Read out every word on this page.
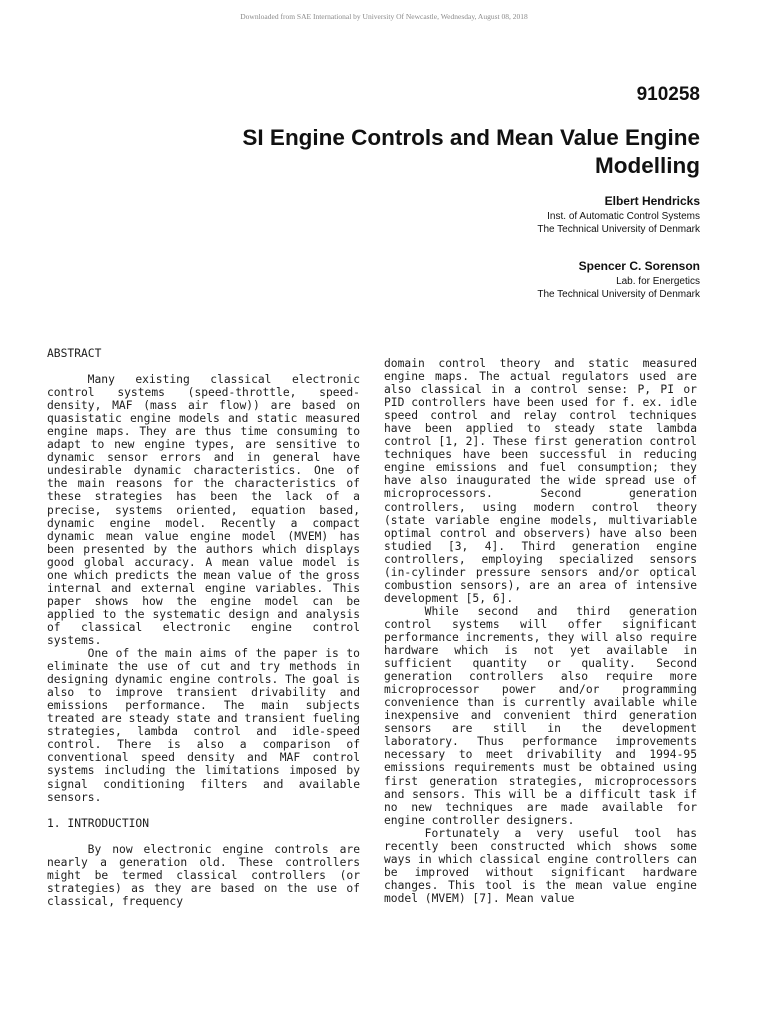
Downloaded from SAE International by University Of Newcastle, Wednesday, August 08, 2018
910258
SI Engine Controls and Mean Value Engine
Modelling
Elbert Hendricks
Inst. of Automatic Control Systems
The Technical University of Denmark
Spencer C. Sorenson
Lab. for Energetics
The Technical University of Denmark
ABSTRACT

Many existing classical electronic control systems (speed-throttle, speed-density, MAF (mass air flow)) are based on quasistatic engine models and static measured engine maps. They are thus time consuming to adapt to new engine types, are sensitive to dynamic sensor errors and in general have undesirable dynamic characteristics. One of the main reasons for the characteristics of these strategies has been the lack of a precise, systems oriented, equation based, dynamic engine model. Recently a compact dynamic mean value engine model (MVEM) has been presented by the authors which displays good global accuracy. A mean value model is one which predicts the mean value of the gross internal and external engine variables. This paper shows how the engine model can be applied to the systematic design and analysis of classical electronic engine control systems.

One of the main aims of the paper is to eliminate the use of cut and try methods in designing dynamic engine controls. The goal is also to improve transient drivability and emissions performance. The main subjects treated are steady state and transient fueling strategies, lambda control and idle-speed control. There is also a comparison of conventional speed density and MAF control systems including the limitations imposed by signal conditioning filters and available sensors.

1. INTRODUCTION

By now electronic engine controls are nearly a generation old. These controllers might be termed classical controllers (or strategies) as they are based on the use of classical, frequency

domain control theory and static measured engine maps. The actual regulators used are also classical in a control sense: P, PI or PID controllers have been used for f. ex. idle speed control and relay control techniques have been applied to steady state lambda control [1, 2]. These first generation control techniques have been successful in reducing engine emissions and fuel consumption; they have also inaugurated the wide spread use of microprocessors. Second generation controllers, using modern control theory (state variable engine models, multivariable optimal control and observers) have also been studied [3, 4]. Third generation engine controllers, employing specialized sensors (in-cylinder pressure sensors and/or optical combustion sensors), are an area of intensive development [5, 6].

While second and third generation control systems will offer significant performance increments, they will also require hardware which is not yet available in sufficient quantity or quality. Second generation controllers also require more microprocessor power and/or programming convenience than is currently available while inexpensive and convenient third generation sensors are still in the development laboratory. Thus performance improvements necessary to meet drivability and 1994-95 emissions requirements must be obtained using first generation strategies, microprocessors and sensors. This will be a difficult task if no new techniques are made available for engine controller designers.

Fortunately a very useful tool has recently been constructed which shows some ways in which classical engine controllers can be improved without significant hardware changes. This tool is the mean value engine model (MVEM) [7]. Mean value
